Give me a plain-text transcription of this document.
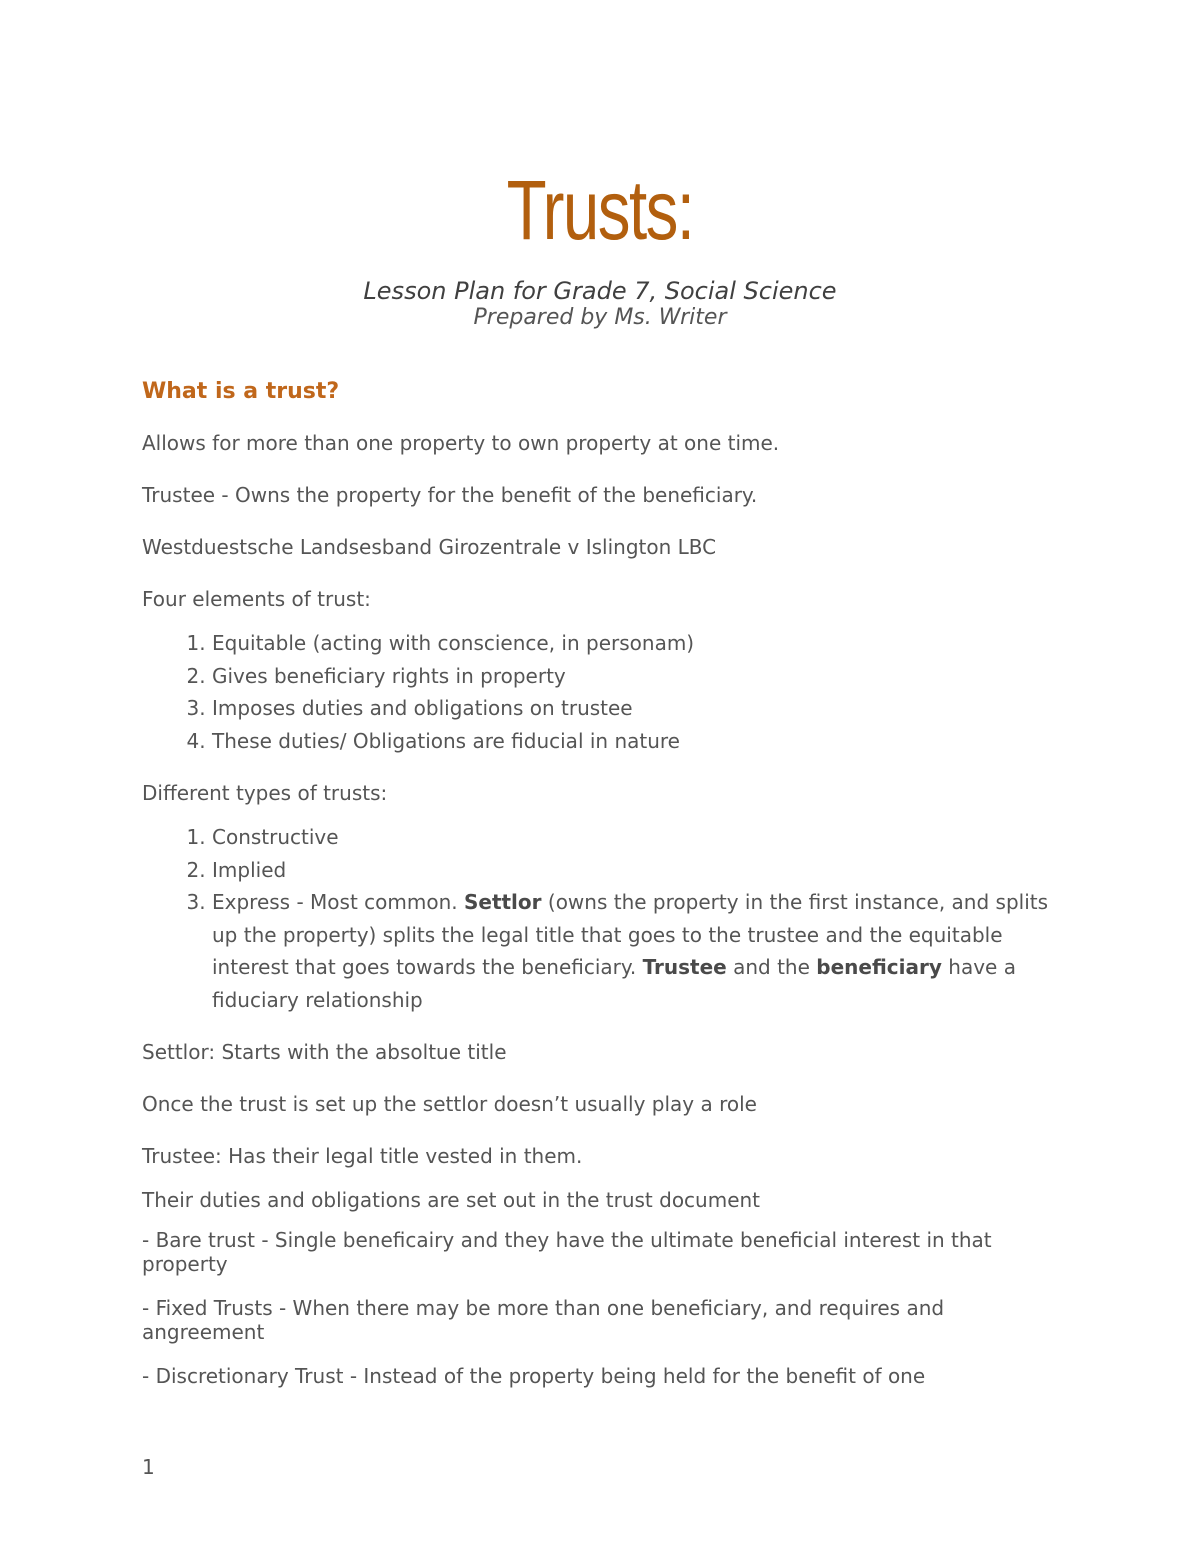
Trusts:
Lesson Plan for Grade 7, Social Science
Prepared by Ms. Writer
What is a trust?

Allows for more than one property to own property at one time.

Trustee - Owns the property for the benefit of the beneficiary.

Westduestsche Landsesband Girozentrale v Islington LBC

Four elements of trust:

1. Equitable (acting with conscience, in personam)
2. Gives beneficiary rights in property
3. Imposes duties and obligations on trustee
4. These duties/ Obligations are fiducial in nature

Different types of trusts:

1. Constructive
2. Implied
3. Express - Most common. Settlor (owns the property in the first instance, and splits up the property) splits the legal title that goes to the trustee and the equitable interest that goes towards the beneficiary. Trustee and the beneficiary have a fiduciary relationship

Settlor: Starts with the absoltue title

Once the trust is set up the settlor doesn’t usually play a role

Trustee: Has their legal title vested in them.

Their duties and obligations are set out in the trust document

- Bare trust - Single beneficairy and they have the ultimate beneficial interest in that property
- Fixed Trusts - When there may be more than one beneficiary, and requires and angreement
- Discretionary Trust - Instead of the property being held for the benefit of one
1
